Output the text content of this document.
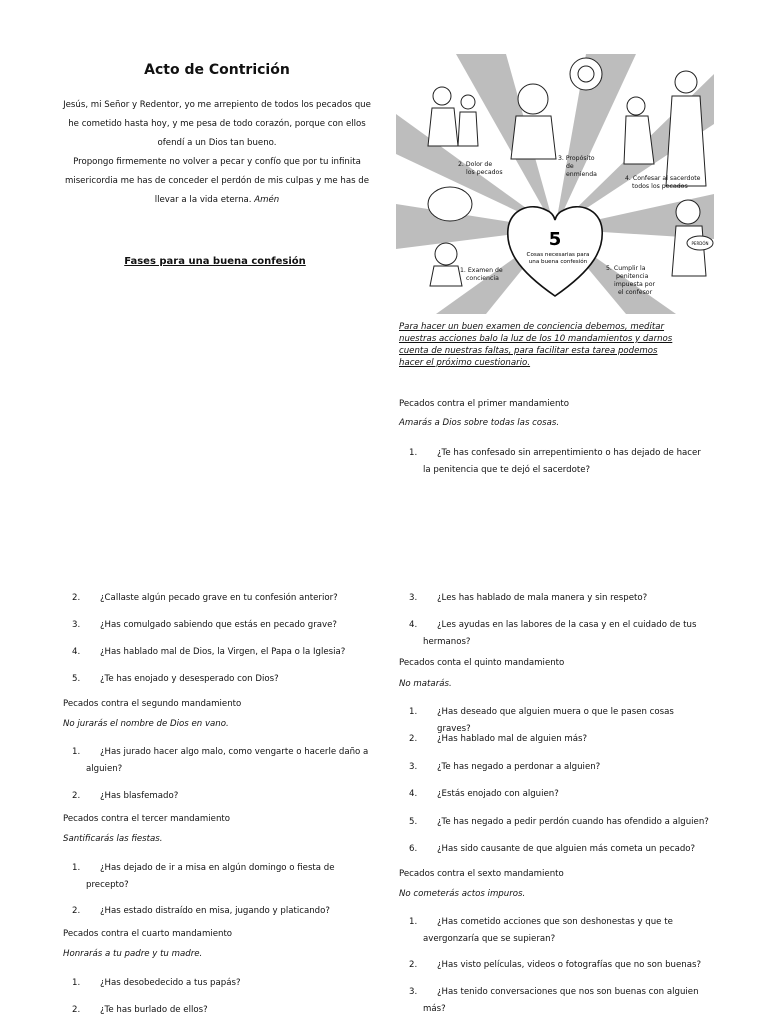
Acto de Contrición
Jesús, mi Señor y Redentor, yo me arrepiento de todos los pecados que
he cometido hasta hoy, y me pesa de todo corazón, porque con ellos
ofendí a un Dios tan bueno.
Propongo firmemente no volver a pecar y confío que por tu infinita
misericordia me has de conceder el perdón de mis culpas y me has de
llevar a la vida eterna. Amén
Fases para una buena confesión
5
Cosas necesarias para
una buena confesión
PERDÓN
2. Dolor de
los pecados
3. Propósito
de
enmienda
4. Confesar al sacerdote
todos los pecados
1. Examen de
conciencia
5. Cumplir la
penitencia
impuesta por
el confesor
Para hacer un buen examen de conciencia debemos, meditar
nuestras acciones balo la luz de los 10 mandamientos y darnos
cuenta de nuestras faltas, para facilitar esta tarea podemos
hacer el próximo cuestionario.
Pecados contra el primer mandamiento
Amarás a Dios sobre todas las cosas.
1. ¿Te has confesado sin arrepentimiento o has dejado de hacer
la penitencia que te dejó el sacerdote?
2. ¿Callaste algún pecado grave en tu confesión anterior?
3. ¿Has comulgado sabiendo que estás en pecado grave?
4. ¿Has hablado mal de Dios, la Virgen, el Papa o la Iglesia?
5. ¿Te has enojado y desesperado con Dios?
Pecados contra el segundo mandamiento
No jurarás el nombre de Dios en vano.
1. ¿Has jurado hacer algo malo, como vengarte o hacerle daño a
alguien?
2. ¿Has blasfemado?
Pecados contra el tercer mandamiento
Santificarás las fiestas.
1. ¿Has dejado de ir a misa en algún domingo o fiesta de
precepto?
2. ¿Has estado distraído en misa, jugando y platicando?
Pecados contra el cuarto mandamiento
Honrarás a tu padre y tu madre.
1. ¿Has desobedecido a tus papás?
2. ¿Te has burlado de ellos?
3. ¿Les has hablado de mala manera y sin respeto?
4. ¿Les ayudas en las labores de la casa y en el cuidado de tus
hermanos?
Pecados conta el quinto mandamiento
No matarás.
1. ¿Has deseado que alguien muera o que le pasen cosas graves?
2. ¿Has hablado mal de alguien más?
3. ¿Te has negado a perdonar a alguien?
4. ¿Estás enojado con alguien?
5. ¿Te has negado a pedir perdón cuando has ofendido a alguien?
6. ¿Has sido causante de que alguien más cometa un pecado?
Pecados contra el sexto mandamiento
No cometerás actos impuros.
1. ¿Has cometido acciones que son deshonestas y que te
avergonzaría que se supieran?
2. ¿Has visto películas, videos o fotografías que no son buenas?
3. ¿Has tenido conversaciones que nos son buenas con alguien
más?
